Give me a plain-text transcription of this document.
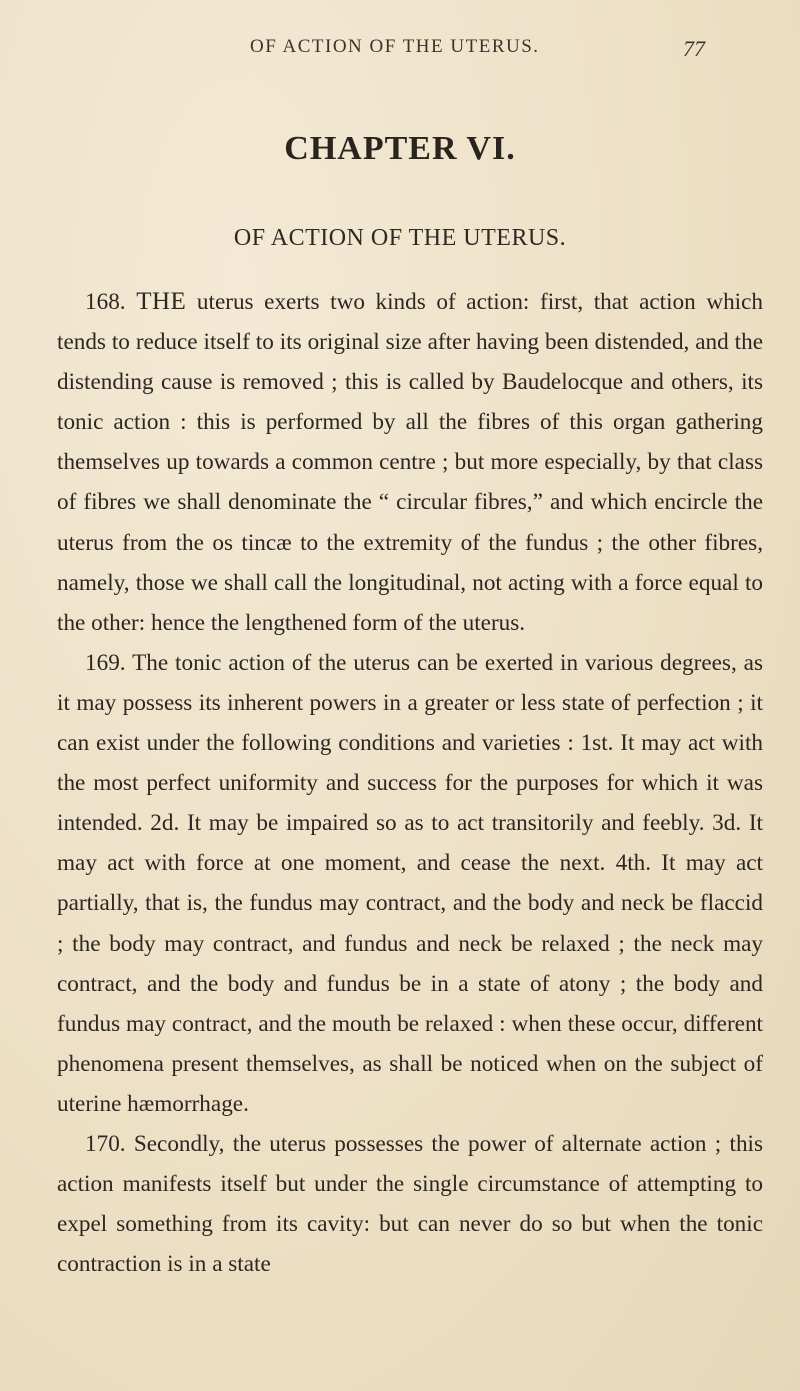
OF ACTION OF THE UTERUS.	77
CHAPTER VI.
OF ACTION OF THE UTERUS.

168. THE uterus exerts two kinds of action: first, that action which tends to reduce itself to its original size after having been distended, and the distending cause is removed ; this is called by Baudelocque and others, its tonic action : this is performed by all the fibres of this organ gathering themselves up towards a common centre ; but more especially, by that class of fibres we shall denominate the “ circular fibres,” and which encircle the uterus from the os tincæ to the extremity of the fundus ; the other fibres, namely, those we shall call the longitudinal, not acting with a force equal to the other: hence the lengthened form of the uterus.

169. The tonic action of the uterus can be exerted in various degrees, as it may possess its inherent powers in a greater or less state of perfection ; it can exist under the following conditions and varieties : 1st. It may act with the most perfect uniformity and success for the purposes for which it was intended. 2d. It may be impaired so as to act transitorily and feebly. 3d. It may act with force at one moment, and cease the next. 4th. It may act partially, that is, the fundus may contract, and the body and neck be flaccid ; the body may contract, and fundus and neck be relaxed ; the neck may contract, and the body and fundus be in a state of atony ; the body and fundus may contract, and the mouth be relaxed : when these occur, different phenomena present themselves, as shall be noticed when on the subject of uterine hæmorrhage.

170. Secondly, the uterus possesses the power of alternate action ; this action manifests itself but under the single circumstance of attempting to expel something from its cavity: but can never do so but when the tonic contraction is in a state
